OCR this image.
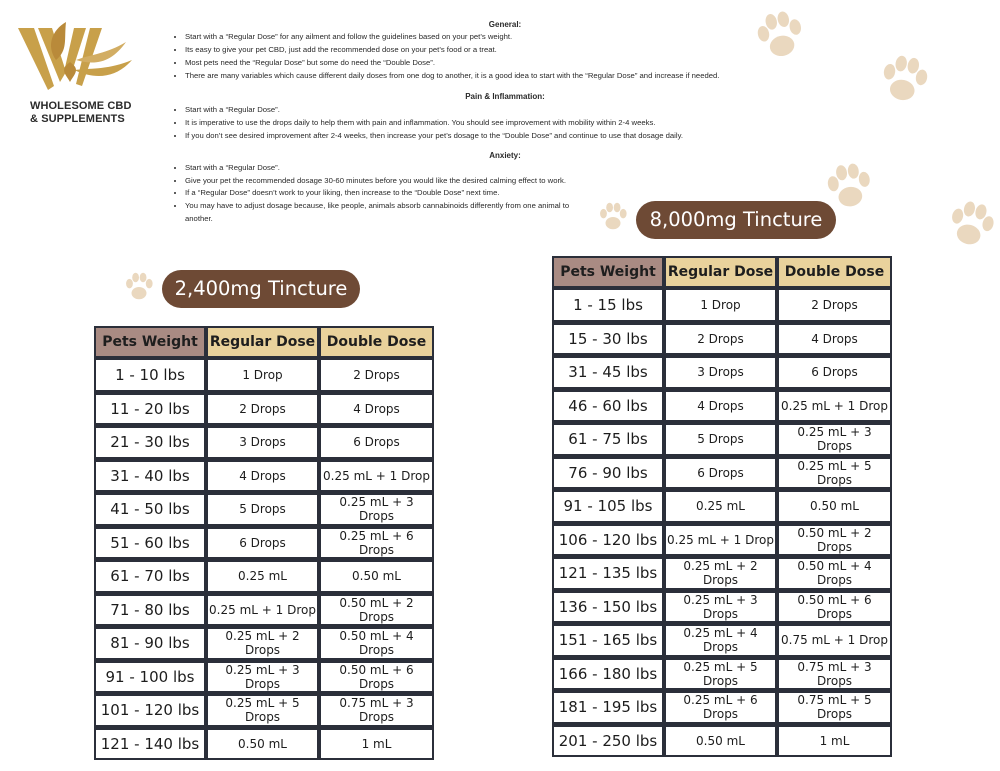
WHOLESOME CBD
& SUPPLEMENTS
General:
• Start with a “Regular Dose” for any ailment and follow the guidelines based on your pet’s weight.
• Its easy to give your pet CBD, just add the recommended dose on your pet’s food or a treat.
• Most pets need the “Regular Dose” but some do need the “Double Dose”.
• There are many variables which cause different daily doses from one dog to another, it is a good idea to start with the “Regular Dose” and increase if needed.
Pain & Inflammation:
• Start with a “Regular Dose”.
• It is imperative to use the drops daily to help them with pain and inflammation. You should see improvement with mobility within 2-4 weeks.
• If you don’t see desired improvement after 2-4 weeks, then increase your pet’s dosage to the “Double Dose” and continue to use that dosage daily.
Anxiety:
• Start with a “Regular Dose”.
• Give your pet the recommended dosage 30-60 minutes before you would like the desired calming effect to work.
• If a “Regular Dose” doesn’t work to your liking, then increase to the “Double Dose” next time.
• You may have to adjust dosage because, like people, animals absorb cannabinoids differently from one animal to another.
2,400mg Tincture
8,000mg Tincture
Pets Weight	Regular Dose	Double Dose
1 - 10 lbs	1 Drop	2 Drops
11 - 20 lbs	2 Drops	4 Drops
21 - 30 lbs	3 Drops	6 Drops
31 - 40 lbs	4 Drops	0.25 mL + 1 Drop
41 - 50 lbs	5 Drops	0.25 mL + 3 Drops
51 - 60 lbs	6 Drops	0.25 mL + 6 Drops
61 - 70 lbs	0.25 mL	0.50 mL
71 - 80 lbs	0.25 mL + 1 Drop	0.50 mL + 2 Drops
81 - 90 lbs	0.25 mL + 2 Drops	0.50 mL + 4 Drops
91 - 100 lbs	0.25 mL + 3 Drops	0.50 mL + 6 Drops
101 - 120 lbs	0.25 mL + 5 Drops	0.75 mL + 3 Drops
121 - 140 lbs	0.50 mL	1 mL
Pets Weight	Regular Dose	Double Dose
1 - 15 lbs	1 Drop	2 Drops
15 - 30 lbs	2 Drops	4 Drops
31 - 45 lbs	3 Drops	6 Drops
46 - 60 lbs	4 Drops	0.25 mL + 1 Drop
61 - 75 lbs	5 Drops	0.25 mL + 3 Drops
76 - 90 lbs	6 Drops	0.25 mL + 5 Drops
91 - 105 lbs	0.25 mL	0.50 mL
106 - 120 lbs	0.25 mL + 1 Drop	0.50 mL + 2 Drops
121 - 135 lbs	0.25 mL + 2 Drops	0.50 mL + 4 Drops
136 - 150 lbs	0.25 mL + 3 Drops	0.50 mL + 6 Drops
151 - 165 lbs	0.25 mL + 4 Drops	0.75 mL + 1 Drop
166 - 180 lbs	0.25 mL + 5 Drops	0.75 mL + 3 Drops
181 - 195 lbs	0.25 mL + 6 Drops	0.75 mL + 5 Drops
201 - 250 lbs	0.50 mL	1 mL
